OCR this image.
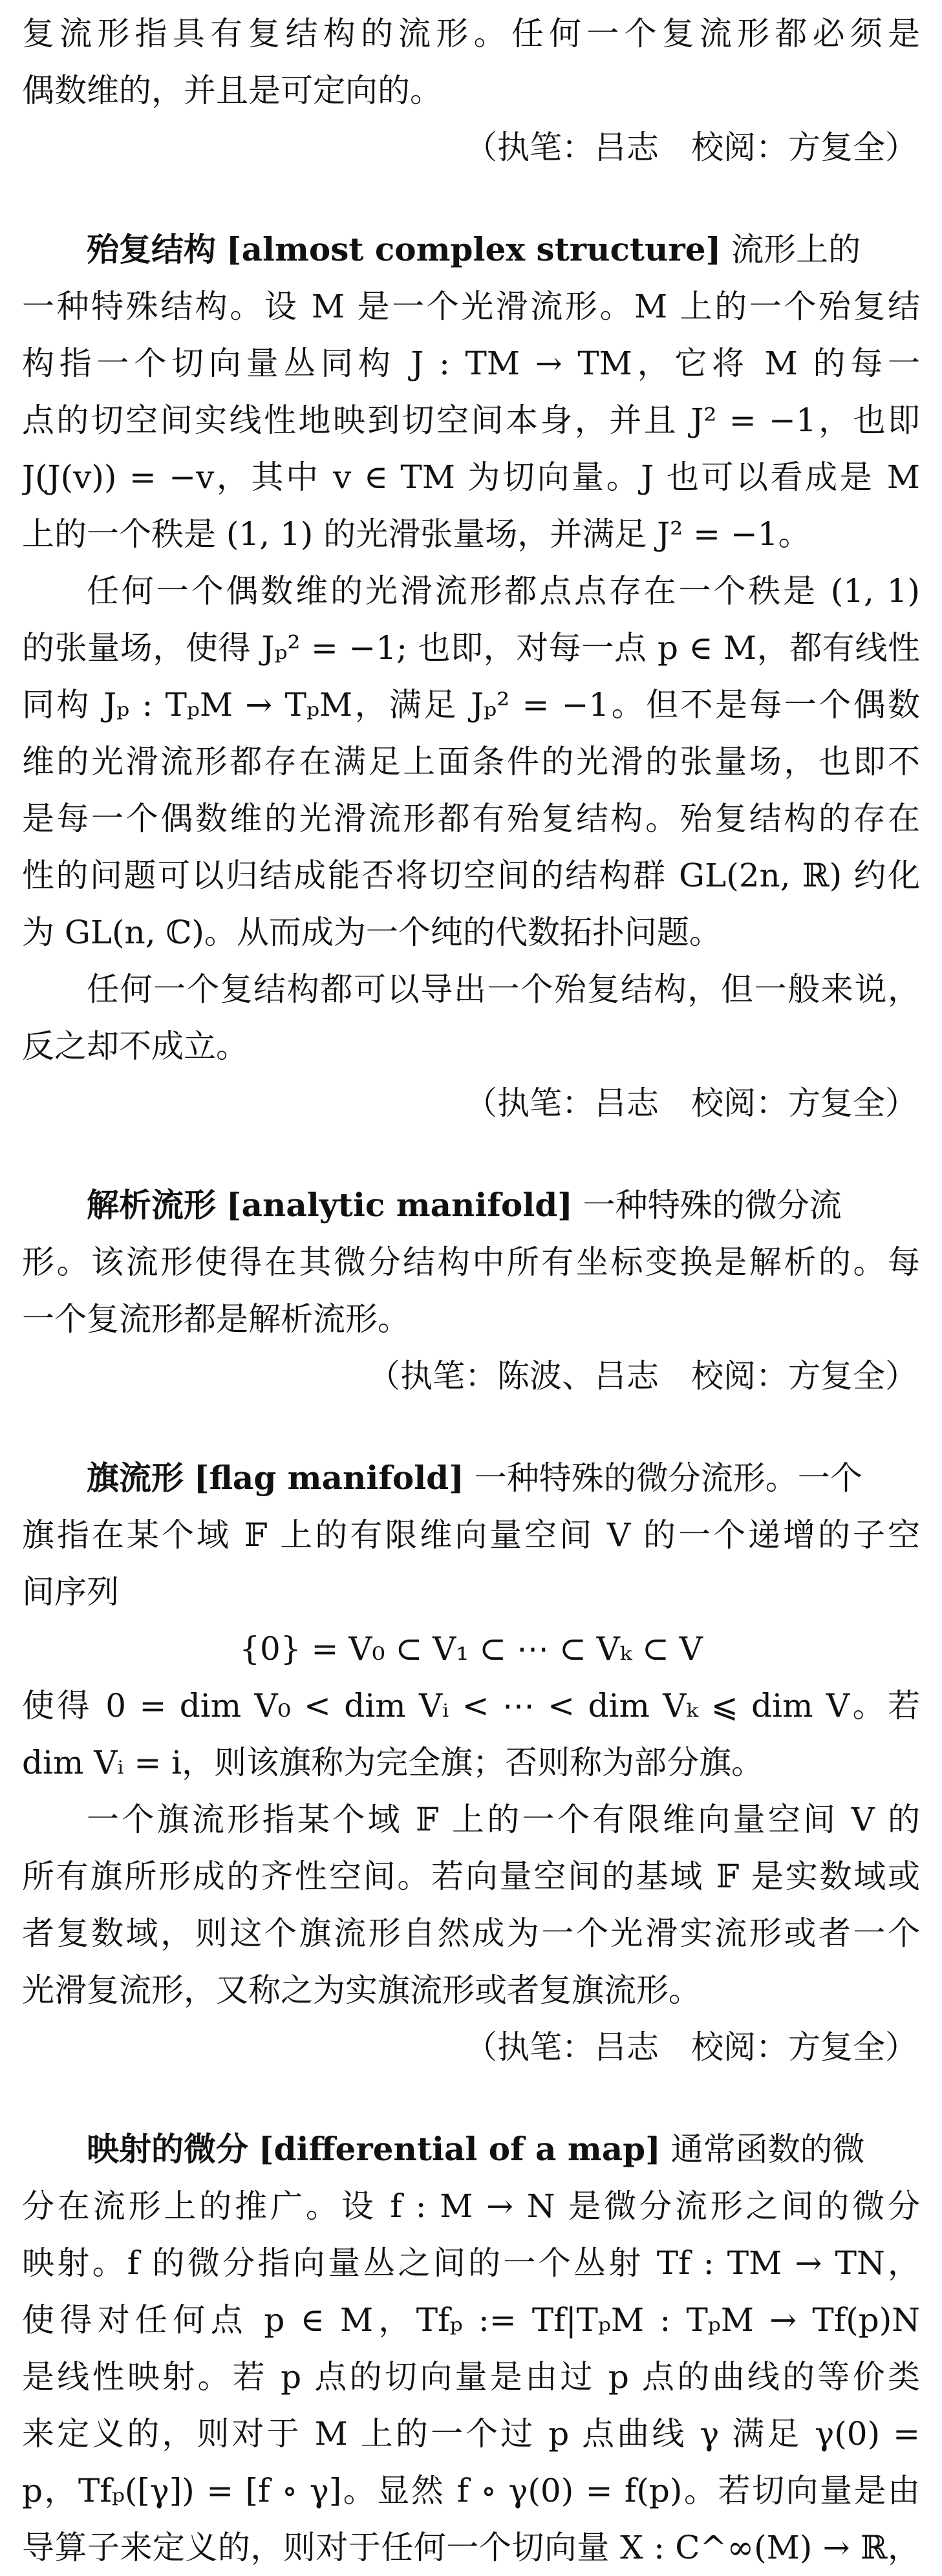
复流形指具有复结构的流形。任何一个复流形都必须是
偶数维的，并且是可定向的。
（执笔：吕志　校阅：方复全）
殆复结构 [almost complex structure] 流形上的
一种特殊结构。设 M 是一个光滑流形。M 上的一个殆复结
构指一个切向量丛同构 J : TM → TM，它将 M 的每一
点的切空间实线性地映到切空间本身，并且 J² = −1，也即
J(J(v)) = −v，其中 v ∈ TM 为切向量。J 也可以看成是 M
上的一个秩是 (1, 1) 的光滑张量场，并满足 J² = −1。
任何一个偶数维的光滑流形都点点存在一个秩是 (1, 1)
的张量场，使得 Jₚ² = −1; 也即，对每一点 p ∈ M，都有线性
同构 Jₚ : TₚM → TₚM，满足 Jₚ² = −1。但不是每一个偶数
维的光滑流形都存在满足上面条件的光滑的张量场，也即不
是每一个偶数维的光滑流形都有殆复结构。殆复结构的存在
性的问题可以归结成能否将切空间的结构群 GL(2n, ℝ) 约化
为 GL(n, ℂ)。从而成为一个纯的代数拓扑问题。
任何一个复结构都可以导出一个殆复结构，但一般来说，
反之却不成立。
（执笔：吕志　校阅：方复全）
解析流形 [analytic manifold] 一种特殊的微分流
形。该流形使得在其微分结构中所有坐标变换是解析的。每
一个复流形都是解析流形。
（执笔：陈波、吕志　校阅：方复全）
旗流形 [flag manifold] 一种特殊的微分流形。一个
旗指在某个域 𝔽 上的有限维向量空间 V 的一个递增的子空
间序列
{0} = V₀ ⊂ V₁ ⊂ ⋯ ⊂ Vₖ ⊂ V
使得 0 = dim V₀ < dim Vᵢ < ⋯ < dim Vₖ ⩽ dim V。若
dim Vᵢ = i，则该旗称为完全旗；否则称为部分旗。
一个旗流形指某个域 𝔽 上的一个有限维向量空间 V 的
所有旗所形成的齐性空间。若向量空间的基域 𝔽 是实数域或
者复数域，则这个旗流形自然成为一个光滑实流形或者一个
光滑复流形，又称之为实旗流形或者复旗流形。
（执笔：吕志　校阅：方复全）
映射的微分 [differential of a map] 通常函数的微
分在流形上的推广。设 f : M → N 是微分流形之间的微分
映射。f 的微分指向量丛之间的一个丛射 Tf : TM → TN，
使得对任何点 p ∈ M，Tfₚ := Tf|TₚM : TₚM → Tf(p)N
是线性映射。若 p 点的切向量是由过 p 点的曲线的等价类
来定义的，则对于 M 上的一个过 p 点曲线 γ 满足 γ(0) =
p，Tfₚ([γ]) = [f ∘ γ]。显然 f ∘ γ(0) = f(p)。若切向量是由
导算子来定义的，则对于任何一个切向量 X : C^∞(M) → ℝ，
